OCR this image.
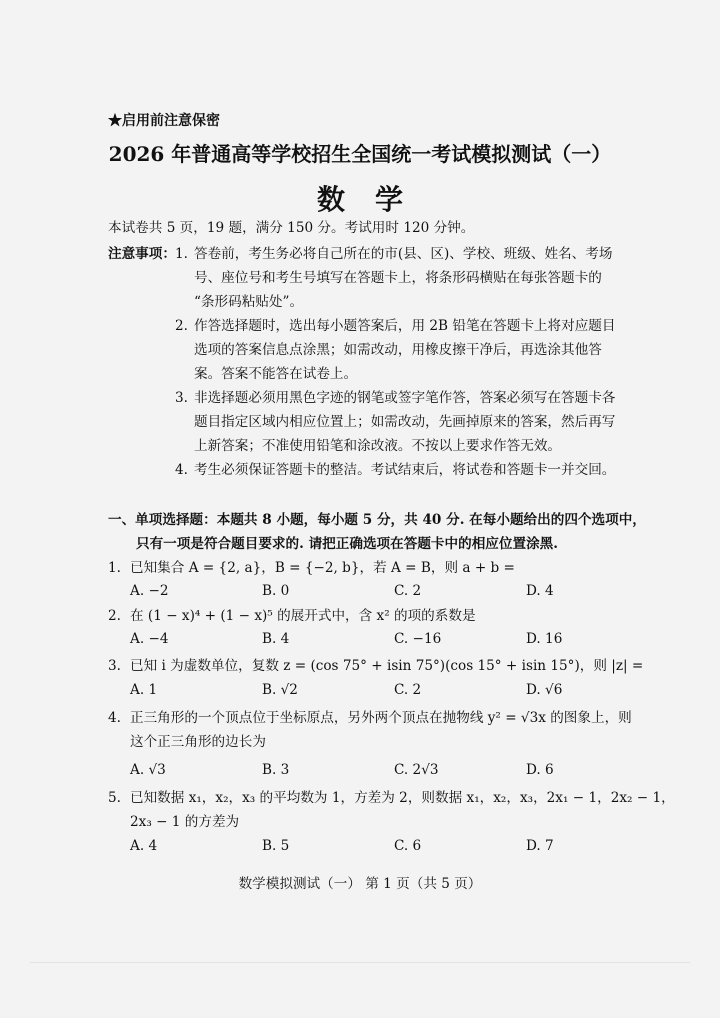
★启用前注意保密
2026 年普通高等学校招生全国统一考试模拟测试（一）
数学
本试卷共 5 页，19 题，满分 150 分。考试用时 120 分钟。
注意事项： 1. 答卷前，考生务必将自己所在的市(县、区)、学校、班级、姓名、考场
号、座位号和考生号填写在答题卡上，将条形码横贴在每张答题卡的
“条形码粘贴处”。
2. 作答选择题时，选出每小题答案后，用 2B 铅笔在答题卡上将对应题目
选项的答案信息点涂黑；如需改动，用橡皮擦干净后，再选涂其他答
案。答案不能答在试卷上。
3. 非选择题必须用黑色字迹的钢笔或签字笔作答，答案必须写在答题卡各
题目指定区域内相应位置上；如需改动，先画掉原来的答案，然后再写
上新答案；不准使用铅笔和涂改液。不按以上要求作答无效。
4. 考生必须保证答题卡的整洁。考试结束后，将试卷和答题卡一并交回。
一、单项选择题：本题共 8 小题，每小题 5 分，共 40 分. 在每小题给出的四个选项中，
只有一项是符合题目要求的. 请把正确选项在答题卡中的相应位置涂黑.
1. 已知集合 A = {2, a}，B = {−2, b}，若 A = B，则 a + b =
A. −2	B. 0	C. 2	D. 4
2. 在 (1 − x)⁴ + (1 − x)⁵ 的展开式中，含 x² 的项的系数是
A. −4	B. 4	C. −16	D. 16
3. 已知 i 为虚数单位，复数 z = (cos 75° + isin 75°)(cos 15° + isin 15°)，则 |z| =
A. 1	B. √2	C. 2	D. √6
4. 正三角形的一个顶点位于坐标原点，另外两个顶点在抛物线 y² = √3x 的图象上，则
这个正三角形的边长为
A. √3	B. 3	C. 2√3	D. 6
5. 已知数据 x₁，x₂，x₃ 的平均数为 1，方差为 2，则数据 x₁，x₂，x₃，2x₁ − 1，2x₂ − 1，
2x₃ − 1 的方差为
A. 4	B. 5	C. 6	D. 7
数学模拟测试（一） 第 1 页（共 5 页）
